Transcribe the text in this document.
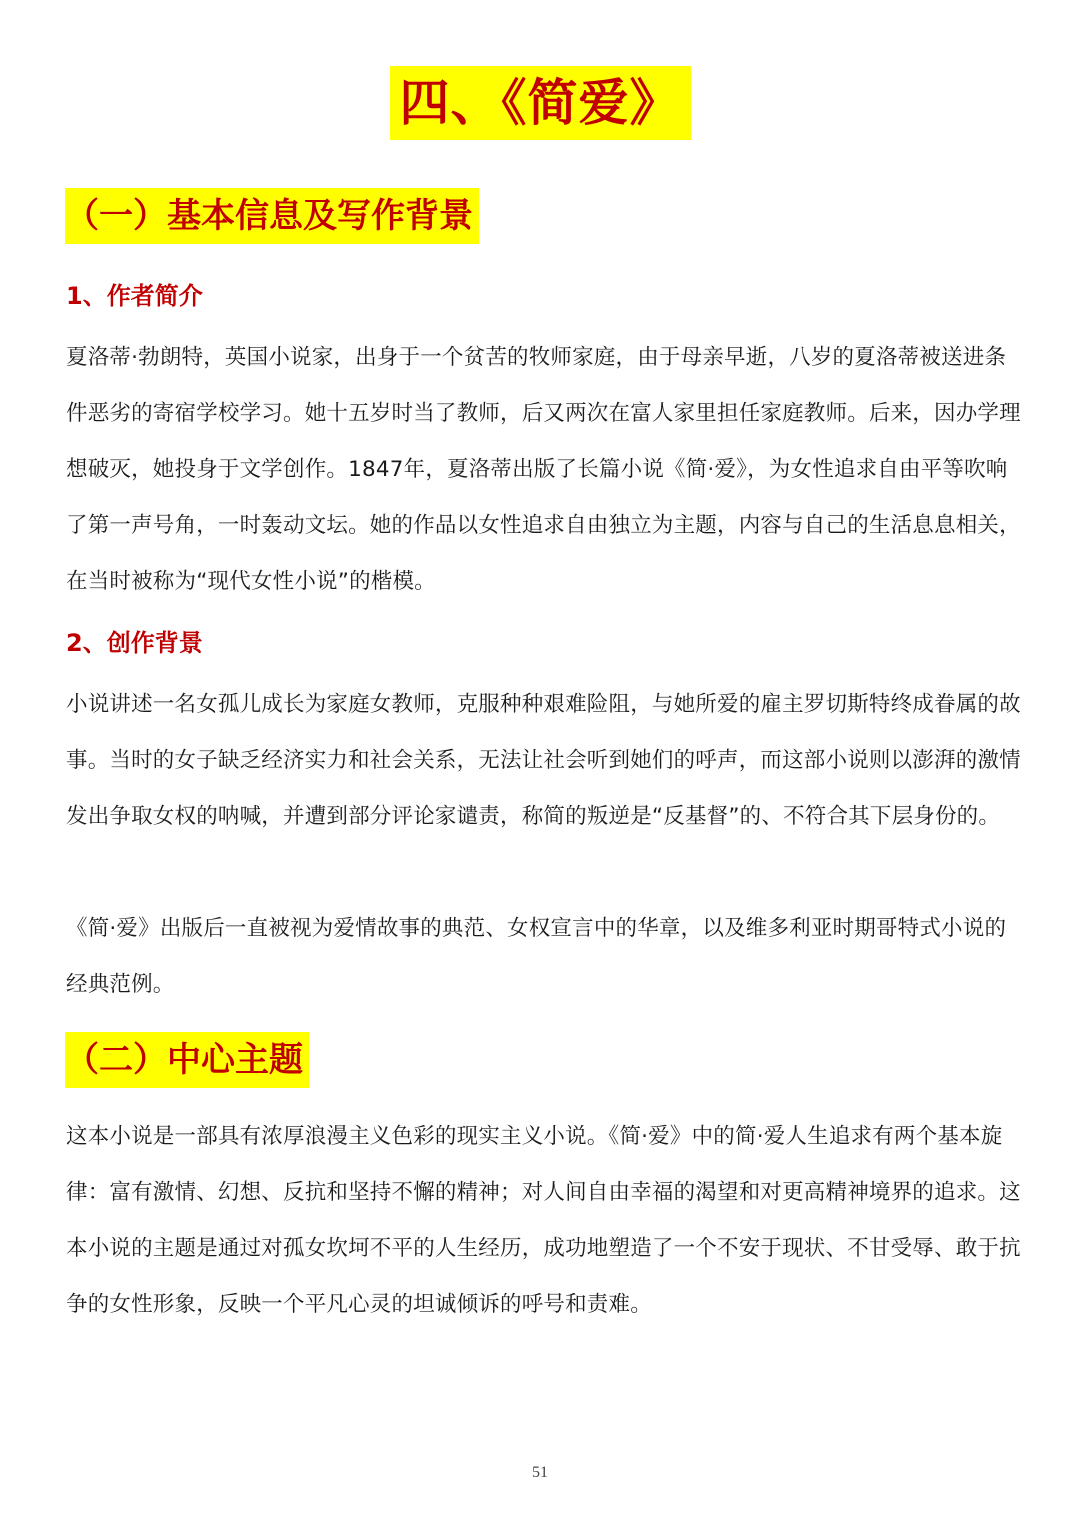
四、《简爱》
（一）基本信息及写作背景
1、作者简介

夏洛蒂·勃朗特，英国小说家，出身于一个贫苦的牧师家庭，由于母亲早逝，八岁的夏洛蒂被送进条件恶劣的寄宿学校学习。她十五岁时当了教师，后又两次在富人家里担任家庭教师。后来，因办学理想破灭，她投身于文学创作。1847年，夏洛蒂出版了长篇小说《简·爱》，为女性追求自由平等吹响了第一声号角，一时轰动文坛。她的作品以女性追求自由独立为主题，内容与自己的生活息息相关，在当时被称为“现代女性小说”的楷模。

2、创作背景

小说讲述一名女孤儿成长为家庭女教师，克服种种艰难险阻，与她所爱的雇主罗切斯特终成眷属的故事。当时的女子缺乏经济实力和社会关系，无法让社会听到她们的呼声，而这部小说则以澎湃的激情发出争取女权的呐喊，并遭到部分评论家谴责，称简的叛逆是“反基督”的、不符合其下层身份的。

《简·爱》出版后一直被视为爱情故事的典范、女权宣言中的华章，以及维多利亚时期哥特式小说的经典范例。

（二）中心主题

这本小说是一部具有浓厚浪漫主义色彩的现实主义小说。《简·爱》中的简·爱人生追求有两个基本旋律：富有激情、幻想、反抗和坚持不懈的精神；对人间自由幸福的渴望和对更高精神境界的追求。这本小说的主题是通过对孤女坎坷不平的人生经历，成功地塑造了一个不安于现状、不甘受辱、敢于抗争的女性形象，反映一个平凡心灵的坦诚倾诉的呼号和责难。

51
